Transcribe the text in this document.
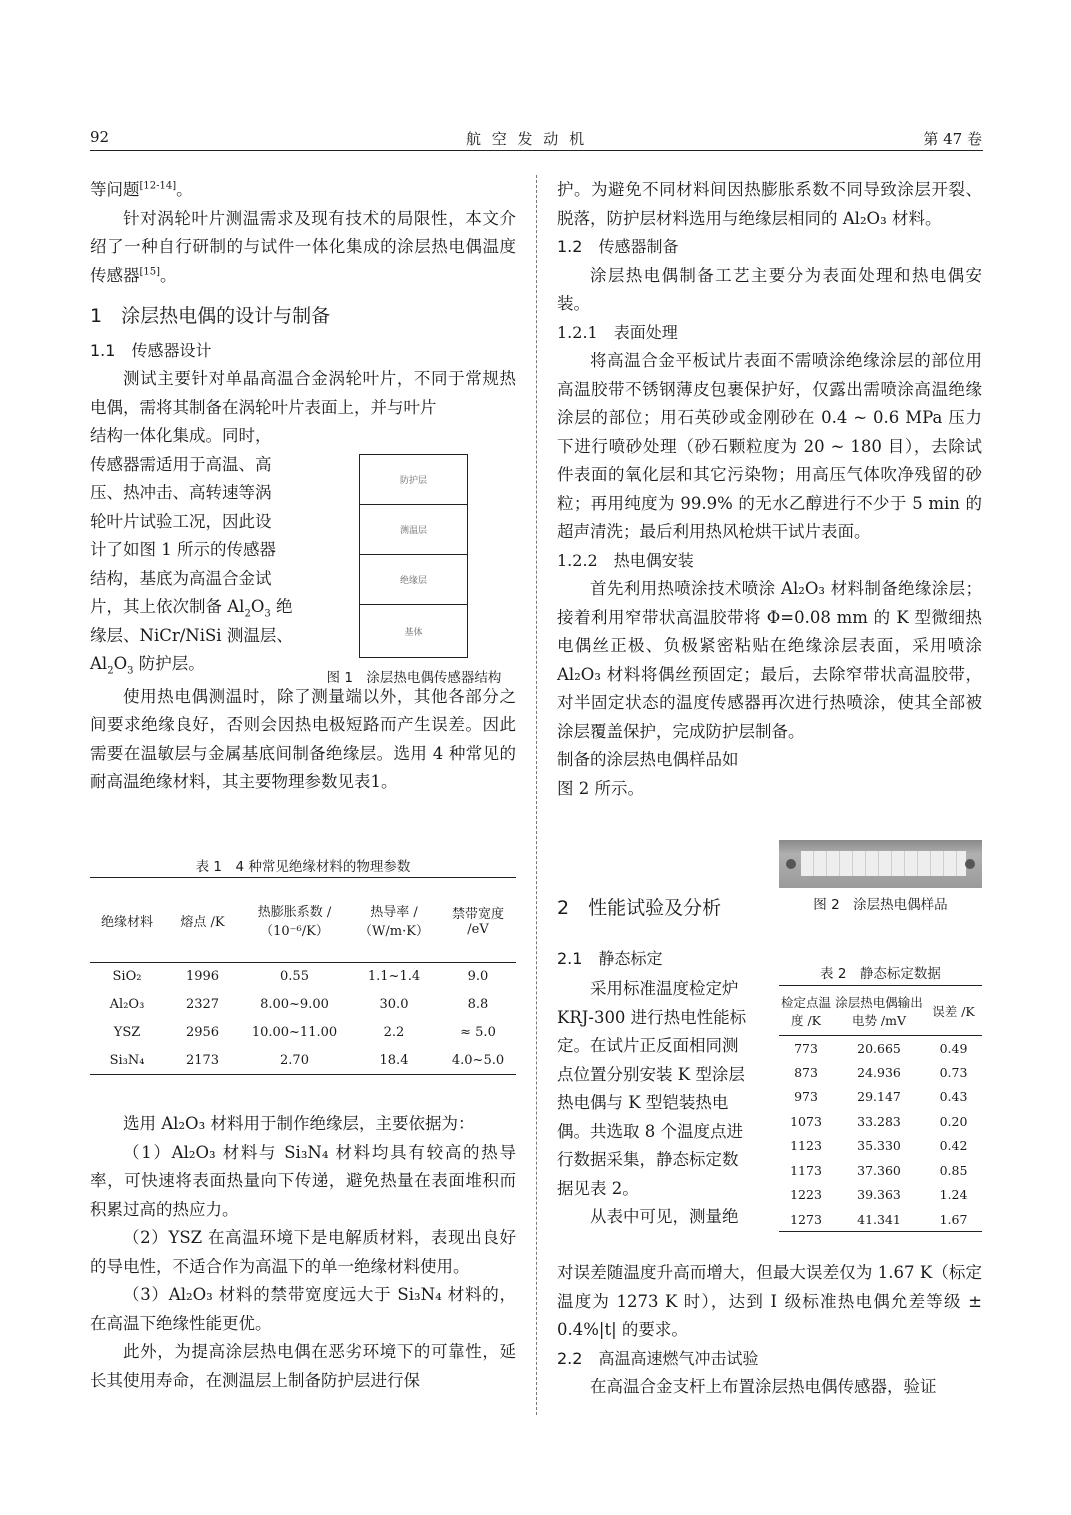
92	航 空 发 动 机	第 47 卷

等问题[12-14]。

针对涡轮叶片测温需求及现有技术的局限性，本文介绍了一种自行研制的与试件一体化集成的涂层热电偶温度传感器[15]。

1　涂层热电偶的设计与制备
1.1　传感器设计

测试主要针对单晶高温合金涡轮叶片，不同于常规热电偶，需将其制备在涡轮叶片表面上，并与叶片

结构一体化集成。同时，
传感器需适用于高温、高
压、热冲击、高转速等涡
轮叶片试验工况，因此设
计了如图 1 所示的传感器
结构，基底为高温合金试
片，其上依次制备 $Al_2O_3$ 绝
缘层、NiCr/NiSi 测温层、
$Al_2O_3$ 防护层。

使用热电偶测温时，除了测量端以外，其他各部分之间要求绝缘良好，否则会因热电极短路而产生误差。因此需要在温敏层与金属基底间制备绝缘层。选用 4 种常见的耐高温绝缘材料，其主要物理参数见表1。

防护层
测温层
绝缘层
基体
图 1　涂层热电偶传感器结构
表 1　4 种常见绝缘材料的物理参数
绝缘材料	熔点 /K	热膨胀系数 /（10⁻⁶/K）	热导率 /（W/m·K）	禁带宽度 /eV
SiO₂	1996	0.55	1.1~1.4	9.0
Al₂O₃	2327	8.00~9.00	30.0	8.8
YSZ	2956	10.00~11.00	2.2	≈ 5.0
Si₃N₄	2173	2.70	18.4	4.0~5.0

选用 Al₂O₃ 材料用于制作绝缘层，主要依据为：

（1）Al₂O₃ 材料与 Si₃N₄ 材料均具有较高的热导率，可快速将表面热量向下传递，避免热量在表面堆积而积累过高的热应力。

（2）YSZ 在高温环境下是电解质材料，表现出良好的导电性，不适合作为高温下的单一绝缘材料使用。

（3）Al₂O₃ 材料的禁带宽度远大于 Si₃N₄ 材料的，在高温下绝缘性能更优。

此外，为提高涂层热电偶在恶劣环境下的可靠性，延长其使用寿命，在测温层上制备防护层进行保

护。为避免不同材料间因热膨胀系数不同导致涂层开裂、脱落，防护层材料选用与绝缘层相同的 Al₂O₃ 材料。

1.2　传感器制备

涂层热电偶制备工艺主要分为表面处理和热电偶安装。

1.2.1　表面处理

将高温合金平板试片表面不需喷涂绝缘涂层的部位用高温胶带不锈钢薄皮包裹保护好，仅露出需喷涂高温绝缘涂层的部位；用石英砂或金刚砂在 0.4 ~ 0.6 MPa 压力下进行喷砂处理（砂石颗粒度为 20 ~ 180 目），去除试件表面的氧化层和其它污染物；用高压气体吹净残留的砂粒；再用纯度为 99.9% 的无水乙醇进行不少于 5 min 的超声清洗；最后利用热风枪烘干试片表面。

1.2.2　热电偶安装

首先利用热喷涂技术喷涂 Al₂O₃ 材料制备绝缘涂层；接着利用窄带状高温胶带将 Φ=0.08 mm 的 K 型微细热电偶丝正极、负极紧密粘贴在绝缘涂层表面，采用喷涂 Al₂O₃ 材料将偶丝预固定；最后，去除窄带状高温胶带，对半固定状态的温度传感器再次进行热喷涂，使其全部被涂层覆盖保护，完成防护层制备。

制备的涂层热电偶样品如
图 2 所示。
图 2　涂层热电偶样品
2　性能试验及分析
2.1　静态标定
采用标准温度检定炉
KRJ-300 进行热电性能标
定。在试片正反面相同测
点位置分别安装 K 型涂层
热电偶与 K 型铠装热电
偶。共选取 8 个温度点进
行数据采集，静态标定数
据见表 2。
从表中可见，测量绝
表 2　静态标定数据
检定点温度 /K	涂层热电偶输出电势 /mV	误差 /K
773	20.665	0.49
873	24.936	0.73
973	29.147	0.43
1073	33.283	0.20
1123	35.330	0.42
1173	37.360	0.85
1223	39.363	1.24
1273	41.341	1.67

对误差随温度升高而增大，但最大误差仅为 1.67 K（标定温度为 1273 K 时），达到 Ⅰ 级标准热电偶允差等级 ± 0.4%|t| 的要求。

2.2　高温高速燃气冲击试验

在高温合金支杆上布置涂层热电偶传感器，验证
